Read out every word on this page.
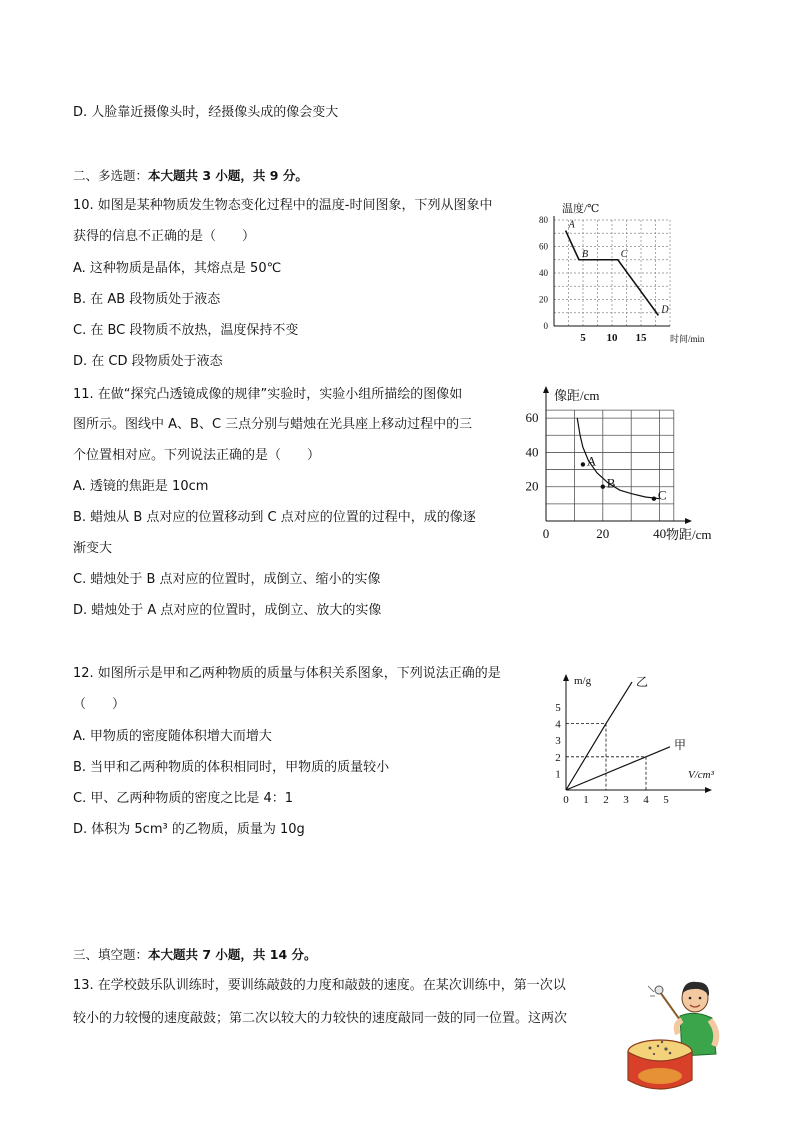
D. 人脸靠近摄像头时，经摄像头成的像会变大
二、多选题：本大题共 3 小题，共 9 分。
10. 如图是某种物质发生物态变化过程中的温度-时间图象，下列从图象中
获得的信息不正确的是（　　）
A. 这种物质是晶体，其熔点是 50℃
B. 在 AB 段物质处于液态
C. 在 BC 段物质不放热，温度保持不变
D. 在 CD 段物质处于液态
0
20
40
60
80
5 10 15
A
B	C
D
温度/℃
时间/min
11. 在做“探究凸透镜成像的规律”实验时，实验小组所描绘的图像如
图所示。图线中 A、B、C 三点分别与蜡烛在光具座上移动过程中的三
个位置相对应。下列说法正确的是（　　）
A. 透镜的焦距是 10cm
B. 蜡烛从 B 点对应的位置移动到 C 点对应的位置的过程中，成的像逐
渐变大
C. 蜡烛处于 B 点对应的位置时，成倒立、缩小的实像
D. 蜡烛处于 A 点对应的位置时，成倒立、放大的实像
20
40
60
0	20	40
A
B
C
像距/cm
物距/cm
12. 如图所示是甲和乙两种物质的质量与体积关系图象，下列说法正确的是
（　　）
A. 甲物质的密度随体积增大而增大
B. 当甲和乙两种物质的体积相同时，甲物质的质量较小
C. 甲、乙两种物质的密度之比是 4：1
D. 体积为 5cm³ 的乙物质，质量为 10g
1
2
3
4
5
0 1 2 3 4 5
乙
甲
m/g
V/cm³
三、填空题：本大题共 7 小题，共 14 分。
13. 在学校鼓乐队训练时，要训练敲鼓的力度和敲鼓的速度。在某次训练中，第一次以
较小的力较慢的速度敲鼓；第二次以较大的力较快的速度敲同一鼓的同一位置。这两次
